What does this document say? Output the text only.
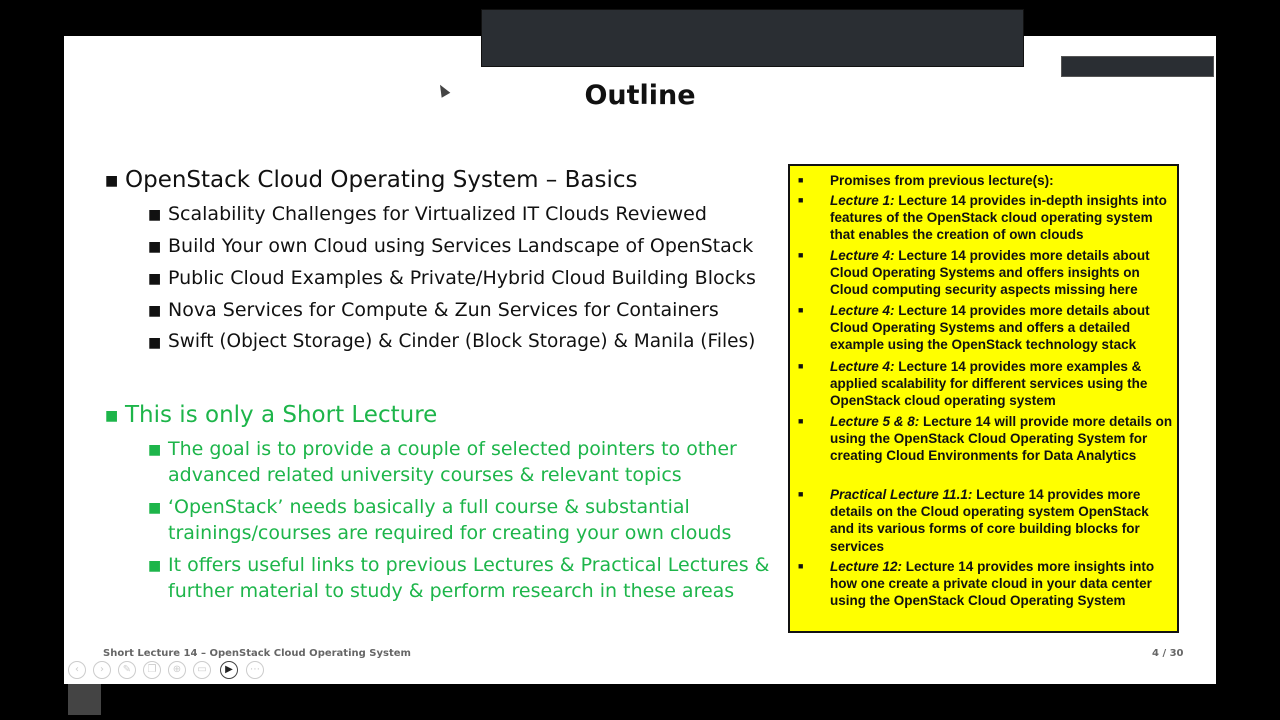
Outline
■ OpenStack Cloud Operating System – Basics
■ Scalability Challenges for Virtualized IT Clouds Reviewed
■ Build Your own Cloud using Services Landscape of OpenStack
■ Public Cloud Examples & Private/Hybrid Cloud Building Blocks
■ Nova Services for Compute & Zun Services for Containers
■ Swift (Object Storage) & Cinder (Block Storage) & Manila (Files)
■ This is only a Short Lecture
■ The goal is to provide a couple of selected pointers to other advanced related university courses & relevant topics
■ ‘OpenStack’ needs basically a full course & substantial trainings/courses are required for creating your own clouds
■ It offers useful links to previous Lectures & Practical Lectures & further material to study & perform research in these areas
■ Promises from previous lecture(s):
■ Lecture 1: Lecture 14 provides in-depth insights into features of the OpenStack cloud operating system that enables the creation of own clouds
■ Lecture 4: Lecture 14 provides more details about Cloud Operating Systems and offers insights on Cloud computing security aspects missing here
■ Lecture 4: Lecture 14 provides more details about Cloud Operating Systems and offers a detailed example using the OpenStack technology stack
■ Lecture 4: Lecture 14 provides more examples & applied scalability for different services using the OpenStack cloud operating system
■ Lecture 5 & 8: Lecture 14 will provide more details on using the OpenStack Cloud Operating System for creating Cloud Environments for Data Analytics
■ Practical Lecture 11.1: Lecture 14 provides more details on the Cloud operating system OpenStack and its various forms of core building blocks for services
■ Lecture 12: Lecture 14 provides more insights into how one create a private cloud in your data center using the OpenStack Cloud Operating System
Short Lecture 14 – OpenStack Cloud Operating System	4 / 30
‹	›	✎	❐	⊕	▭	▶	⋯
